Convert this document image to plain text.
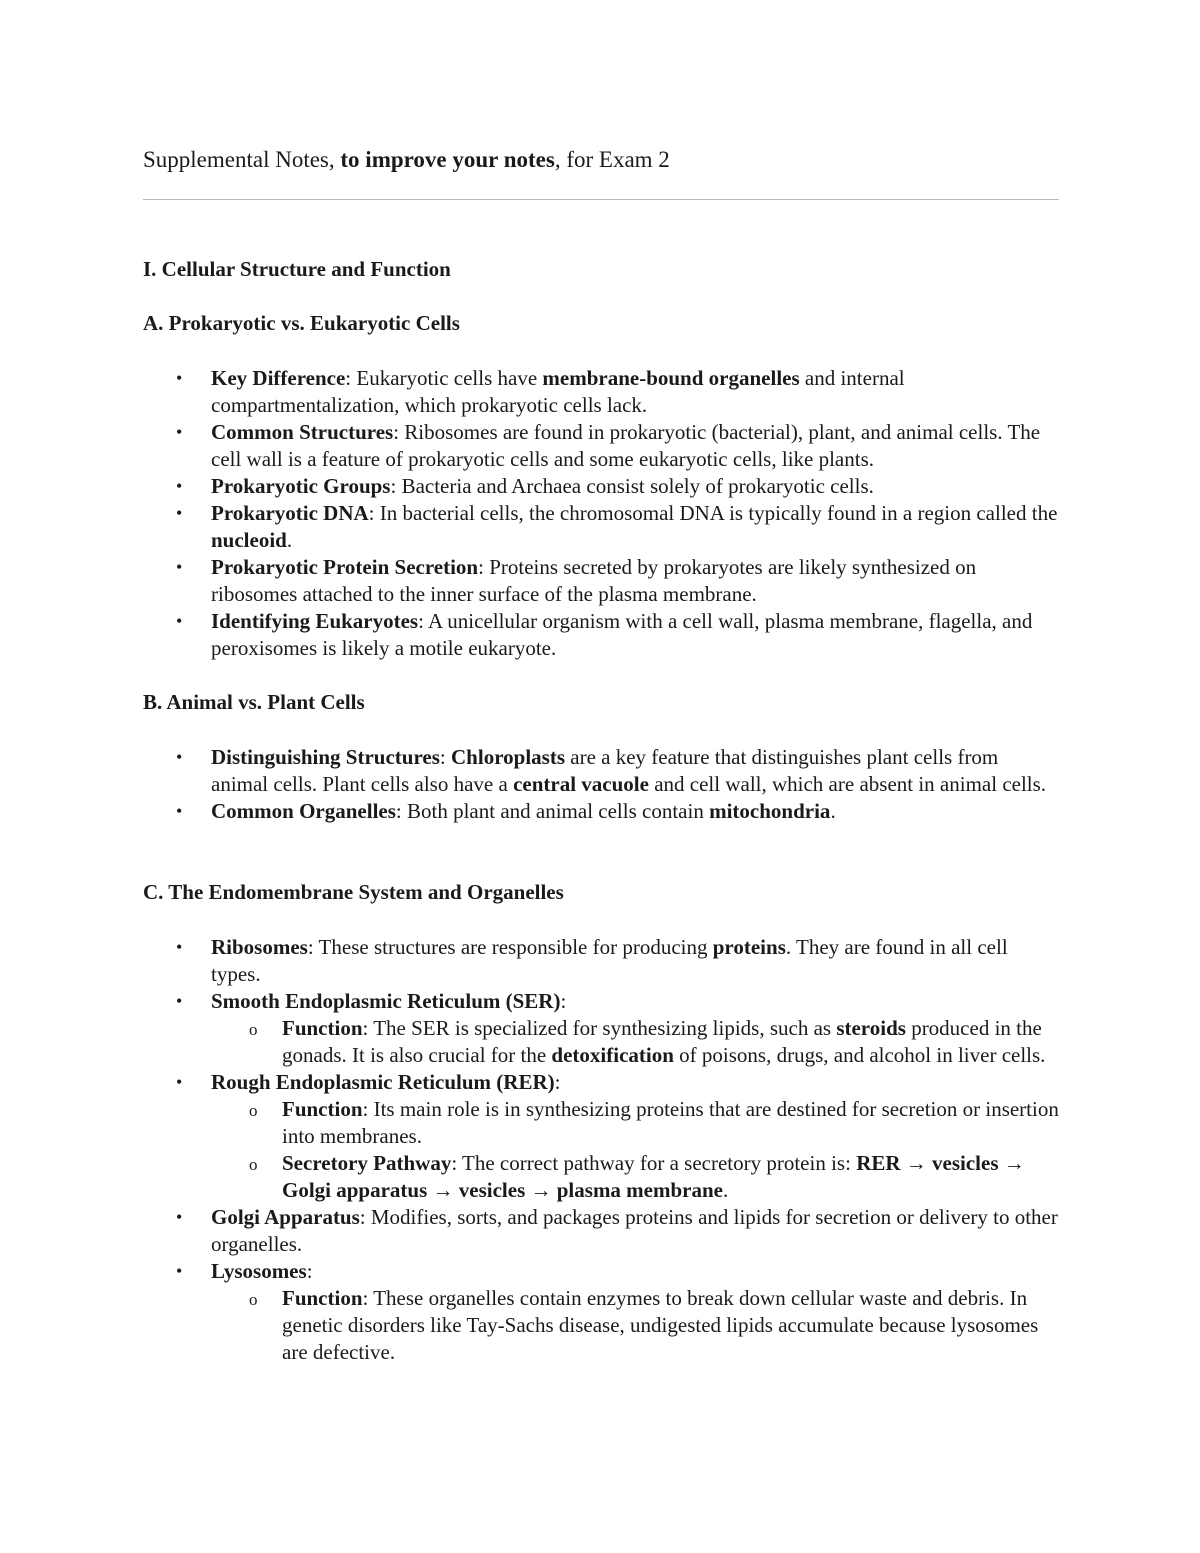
Supplemental Notes, to improve your notes, for Exam 2
I. Cellular Structure and Function
A. Prokaryotic vs. Eukaryotic Cells
• Key Difference: Eukaryotic cells have membrane-bound organelles and internal compartmentalization, which prokaryotic cells lack.
• Common Structures: Ribosomes are found in prokaryotic (bacterial), plant, and animal cells. The cell wall is a feature of prokaryotic cells and some eukaryotic cells, like plants.
• Prokaryotic Groups: Bacteria and Archaea consist solely of prokaryotic cells.
• Prokaryotic DNA: In bacterial cells, the chromosomal DNA is typically found in a region called the nucleoid.
• Prokaryotic Protein Secretion: Proteins secreted by prokaryotes are likely synthesized on ribosomes attached to the inner surface of the plasma membrane.
• Identifying Eukaryotes: A unicellular organism with a cell wall, plasma membrane, flagella, and peroxisomes is likely a motile eukaryote.
B. Animal vs. Plant Cells
• Distinguishing Structures: Chloroplasts are a key feature that distinguishes plant cells from animal cells. Plant cells also have a central vacuole and cell wall, which are absent in animal cells.
• Common Organelles: Both plant and animal cells contain mitochondria.
C. The Endomembrane System and Organelles
• Ribosomes: These structures are responsible for producing proteins. They are found in all cell types.
• Smooth Endoplasmic Reticulum (SER):
o Function: The SER is specialized for synthesizing lipids, such as steroids produced in the gonads. It is also crucial for the detoxification of poisons, drugs, and alcohol in liver cells.
• Rough Endoplasmic Reticulum (RER):
o Function: Its main role is in synthesizing proteins that are destined for secretion or insertion into membranes.
o Secretory Pathway: The correct pathway for a secretory protein is: RER → vesicles → Golgi apparatus → vesicles → plasma membrane.
• Golgi Apparatus: Modifies, sorts, and packages proteins and lipids for secretion or delivery to other organelles.
• Lysosomes:
o Function: These organelles contain enzymes to break down cellular waste and debris. In genetic disorders like Tay-Sachs disease, undigested lipids accumulate because lysosomes are defective.
